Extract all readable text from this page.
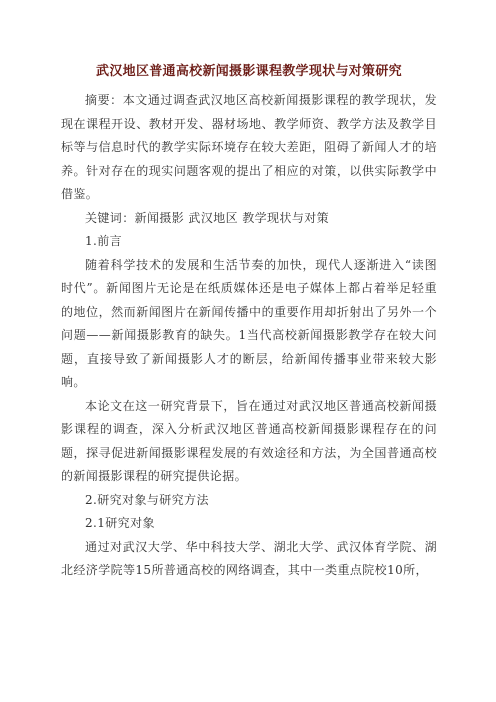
武汉地区普通高校新闻摄影课程教学现状与对策研究

摘要：本文通过调查武汉地区高校新闻摄影课程的教学现状，发现在课程开设、教材开发、器材场地、教学师资、教学方法及教学目标等与信息时代的教学实际环境存在较大差距，阻碍了新闻人才的培养。针对存在的现实问题客观的提出了相应的对策，以供实际教学中借鉴。

关键词：新闻摄影 武汉地区 教学现状与对策

1.前言

随着科学技术的发展和生活节奏的加快，现代人逐渐进入“读图时代”。新闻图片无论是在纸质媒体还是电子媒体上都占着举足轻重的地位，然而新闻图片在新闻传播中的重要作用却折射出了另外一个问题——新闻摄影教育的缺失。1当代高校新闻摄影教学存在较大问题，直接导致了新闻摄影人才的断层，给新闻传播事业带来较大影响。

本论文在这一研究背景下，旨在通过对武汉地区普通高校新闻摄影课程的调查，深入分析武汉地区普通高校新闻摄影课程存在的问题，探寻促进新闻摄影课程发展的有效途径和方法，为全国普通高校的新闻摄影课程的研究提供论据。

2.研究对象与研究方法

2.1研究对象

通过对武汉大学、华中科技大学、湖北大学、武汉体育学院、湖北经济学院等15所普通高校的网络调查，其中一类重点院校10所，
